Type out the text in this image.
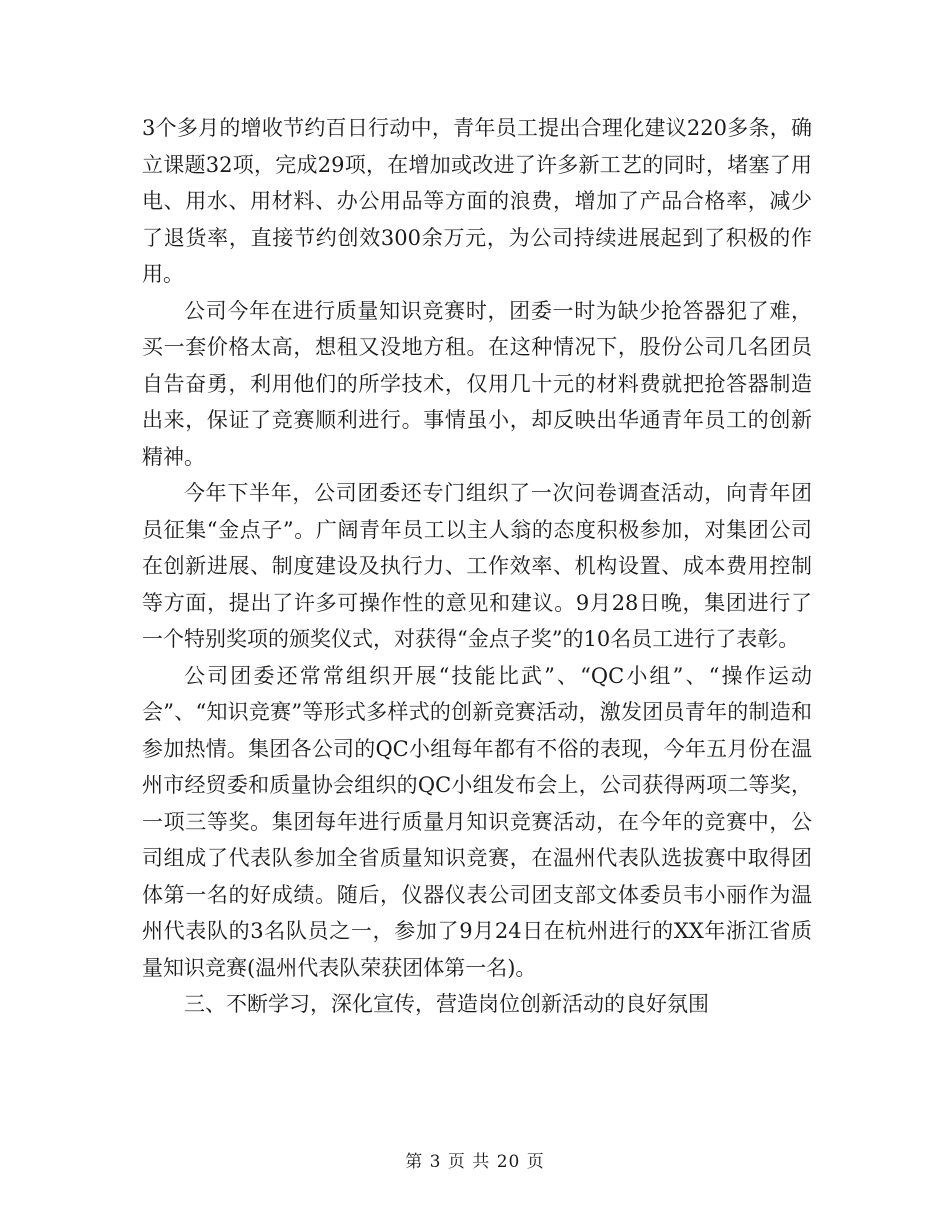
3个多月的增收节约百日行动中，青年员工提出合理化建议220多条，确立课题32项，完成29项，在增加或改进了许多新工艺的同时，堵塞了用电、用水、用材料、办公用品等方面的浪费，增加了产品合格率，减少了退货率，直接节约创效300余万元，为公司持续进展起到了积极的作用。

公司今年在进行质量知识竞赛时，团委一时为缺少抢答器犯了难，买一套价格太高，想租又没地方租。在这种情况下，股份公司几名团员自告奋勇，利用他们的所学技术，仅用几十元的材料费就把抢答器制造出来，保证了竞赛顺利进行。事情虽小，却反映出华通青年员工的创新精神。

今年下半年，公司团委还专门组织了一次问卷调查活动，向青年团员征集“金点子”。广阔青年员工以主人翁的态度积极参加，对集团公司在创新进展、制度建设及执行力、工作效率、机构设置、成本费用控制等方面，提出了许多可操作性的意见和建议。9月28日晚，集团进行了一个特别奖项的颁奖仪式，对获得“金点子奖”的10名员工进行了表彰。

公司团委还常常组织开展“技能比武”、“QC小组”、“操作运动会”、“知识竞赛”等形式多样式的创新竞赛活动，激发团员青年的制造和参加热情。集团各公司的QC小组每年都有不俗的表现，今年五月份在温州市经贸委和质量协会组织的QC小组发布会上，公司获得两项二等奖，一项三等奖。集团每年进行质量月知识竞赛活动，在今年的竞赛中，公司组成了代表队参加全省质量知识竞赛，在温州代表队选拔赛中取得团体第一名的好成绩。随后，仪器仪表公司团支部文体委员韦小丽作为温州代表队的3名队员之一，参加了9月24日在杭州进行的XX年浙江省质量知识竞赛(温州代表队荣获团体第一名)。

三、不断学习，深化宣传，营造岗位创新活动的良好氛围

第 3 页 共 20 页
